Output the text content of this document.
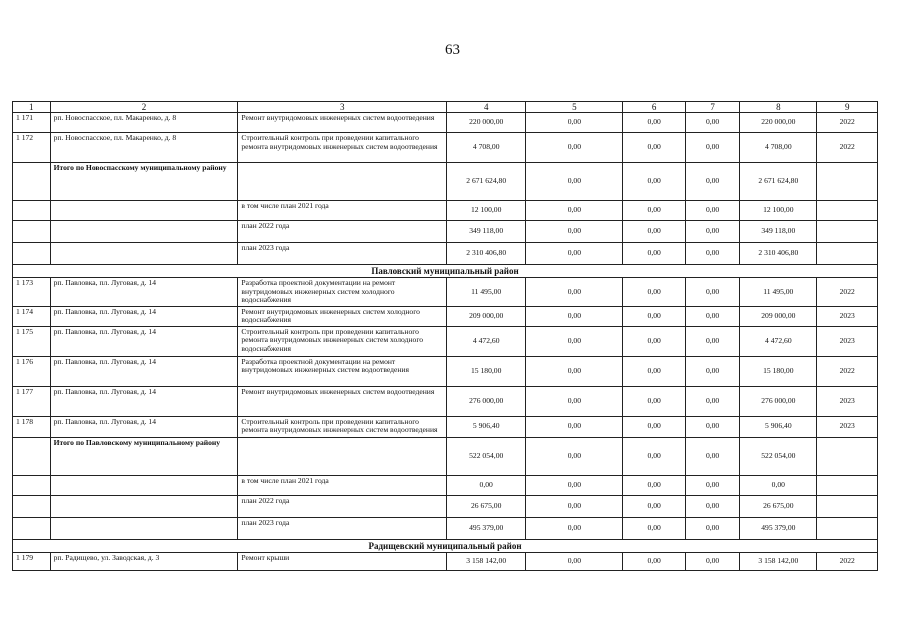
63
1	2	3	4	5	6	7	8	9
1 171	рп. Новоспасское, пл. Макаренко, д. 8	Ремонт внутридомовых инженерных систем водоотведения	220 000,00	0,00	0,00	0,00	220 000,00	2022
1 172	рп. Новоспасское, пл. Макаренко, д. 8	Строительный контроль при проведении капитального ремонта внутридомовых инженерных систем водоотведения	4 708,00	0,00	0,00	0,00	4 708,00	2022
	Итого по Новоспасскому муниципальному району		2 671 624,80	0,00	0,00	0,00	2 671 624,80	
		в том числе план 2021 года	12 100,00	0,00	0,00	0,00	12 100,00	
		план 2022 года	349 118,00	0,00	0,00	0,00	349 118,00	
		план 2023 года	2 310 406,80	0,00	0,00	0,00	2 310 406,80	
Павловский муниципальный район								
1 173	рп. Павловка, пл. Луговая, д. 14	Разработка проектной документации на ремонт внутридомовых инженерных систем холодного водоснабжения	11 495,00	0,00	0,00	0,00	11 495,00	2022
1 174	рп. Павловка, пл. Луговая, д. 14	Ремонт внутридомовых инженерных систем холодного водоснабжения	209 000,00	0,00	0,00	0,00	209 000,00	2023
1 175	рп. Павловка, пл. Луговая, д. 14	Строительный контроль при проведении капитального ремонта внутридомовых инженерных систем холодного водоснабжения	4 472,60	0,00	0,00	0,00	4 472,60	2023
1 176	рп. Павловка, пл. Луговая, д. 14	Разработка проектной документации на ремонт внутридомовых инженерных систем водоотведения	15 180,00	0,00	0,00	0,00	15 180,00	2022
1 177	рп. Павловка, пл. Луговая, д. 14	Ремонт внутридомовых инженерных систем водоотведения	276 000,00	0,00	0,00	0,00	276 000,00	2023
1 178	рп. Павловка, пл. Луговая, д. 14	Строительный контроль при проведении капитального ремонта внутридомовых инженерных систем водоотведения	5 906,40	0,00	0,00	0,00	5 906,40	2023
	Итого по Павловскому муниципальному району		522 054,00	0,00	0,00	0,00	522 054,00	
		в том числе план 2021 года	0,00	0,00	0,00	0,00	0,00	
		план 2022 года	26 675,00	0,00	0,00	0,00	26 675,00	
		план 2023 года	495 379,00	0,00	0,00	0,00	495 379,00	
Радищевский муниципальный район								
1 179	рп. Радищево, ул. Заводская, д. 3	Ремонт крыши	3 158 142,00	0,00	0,00	0,00	3 158 142,00	2022
